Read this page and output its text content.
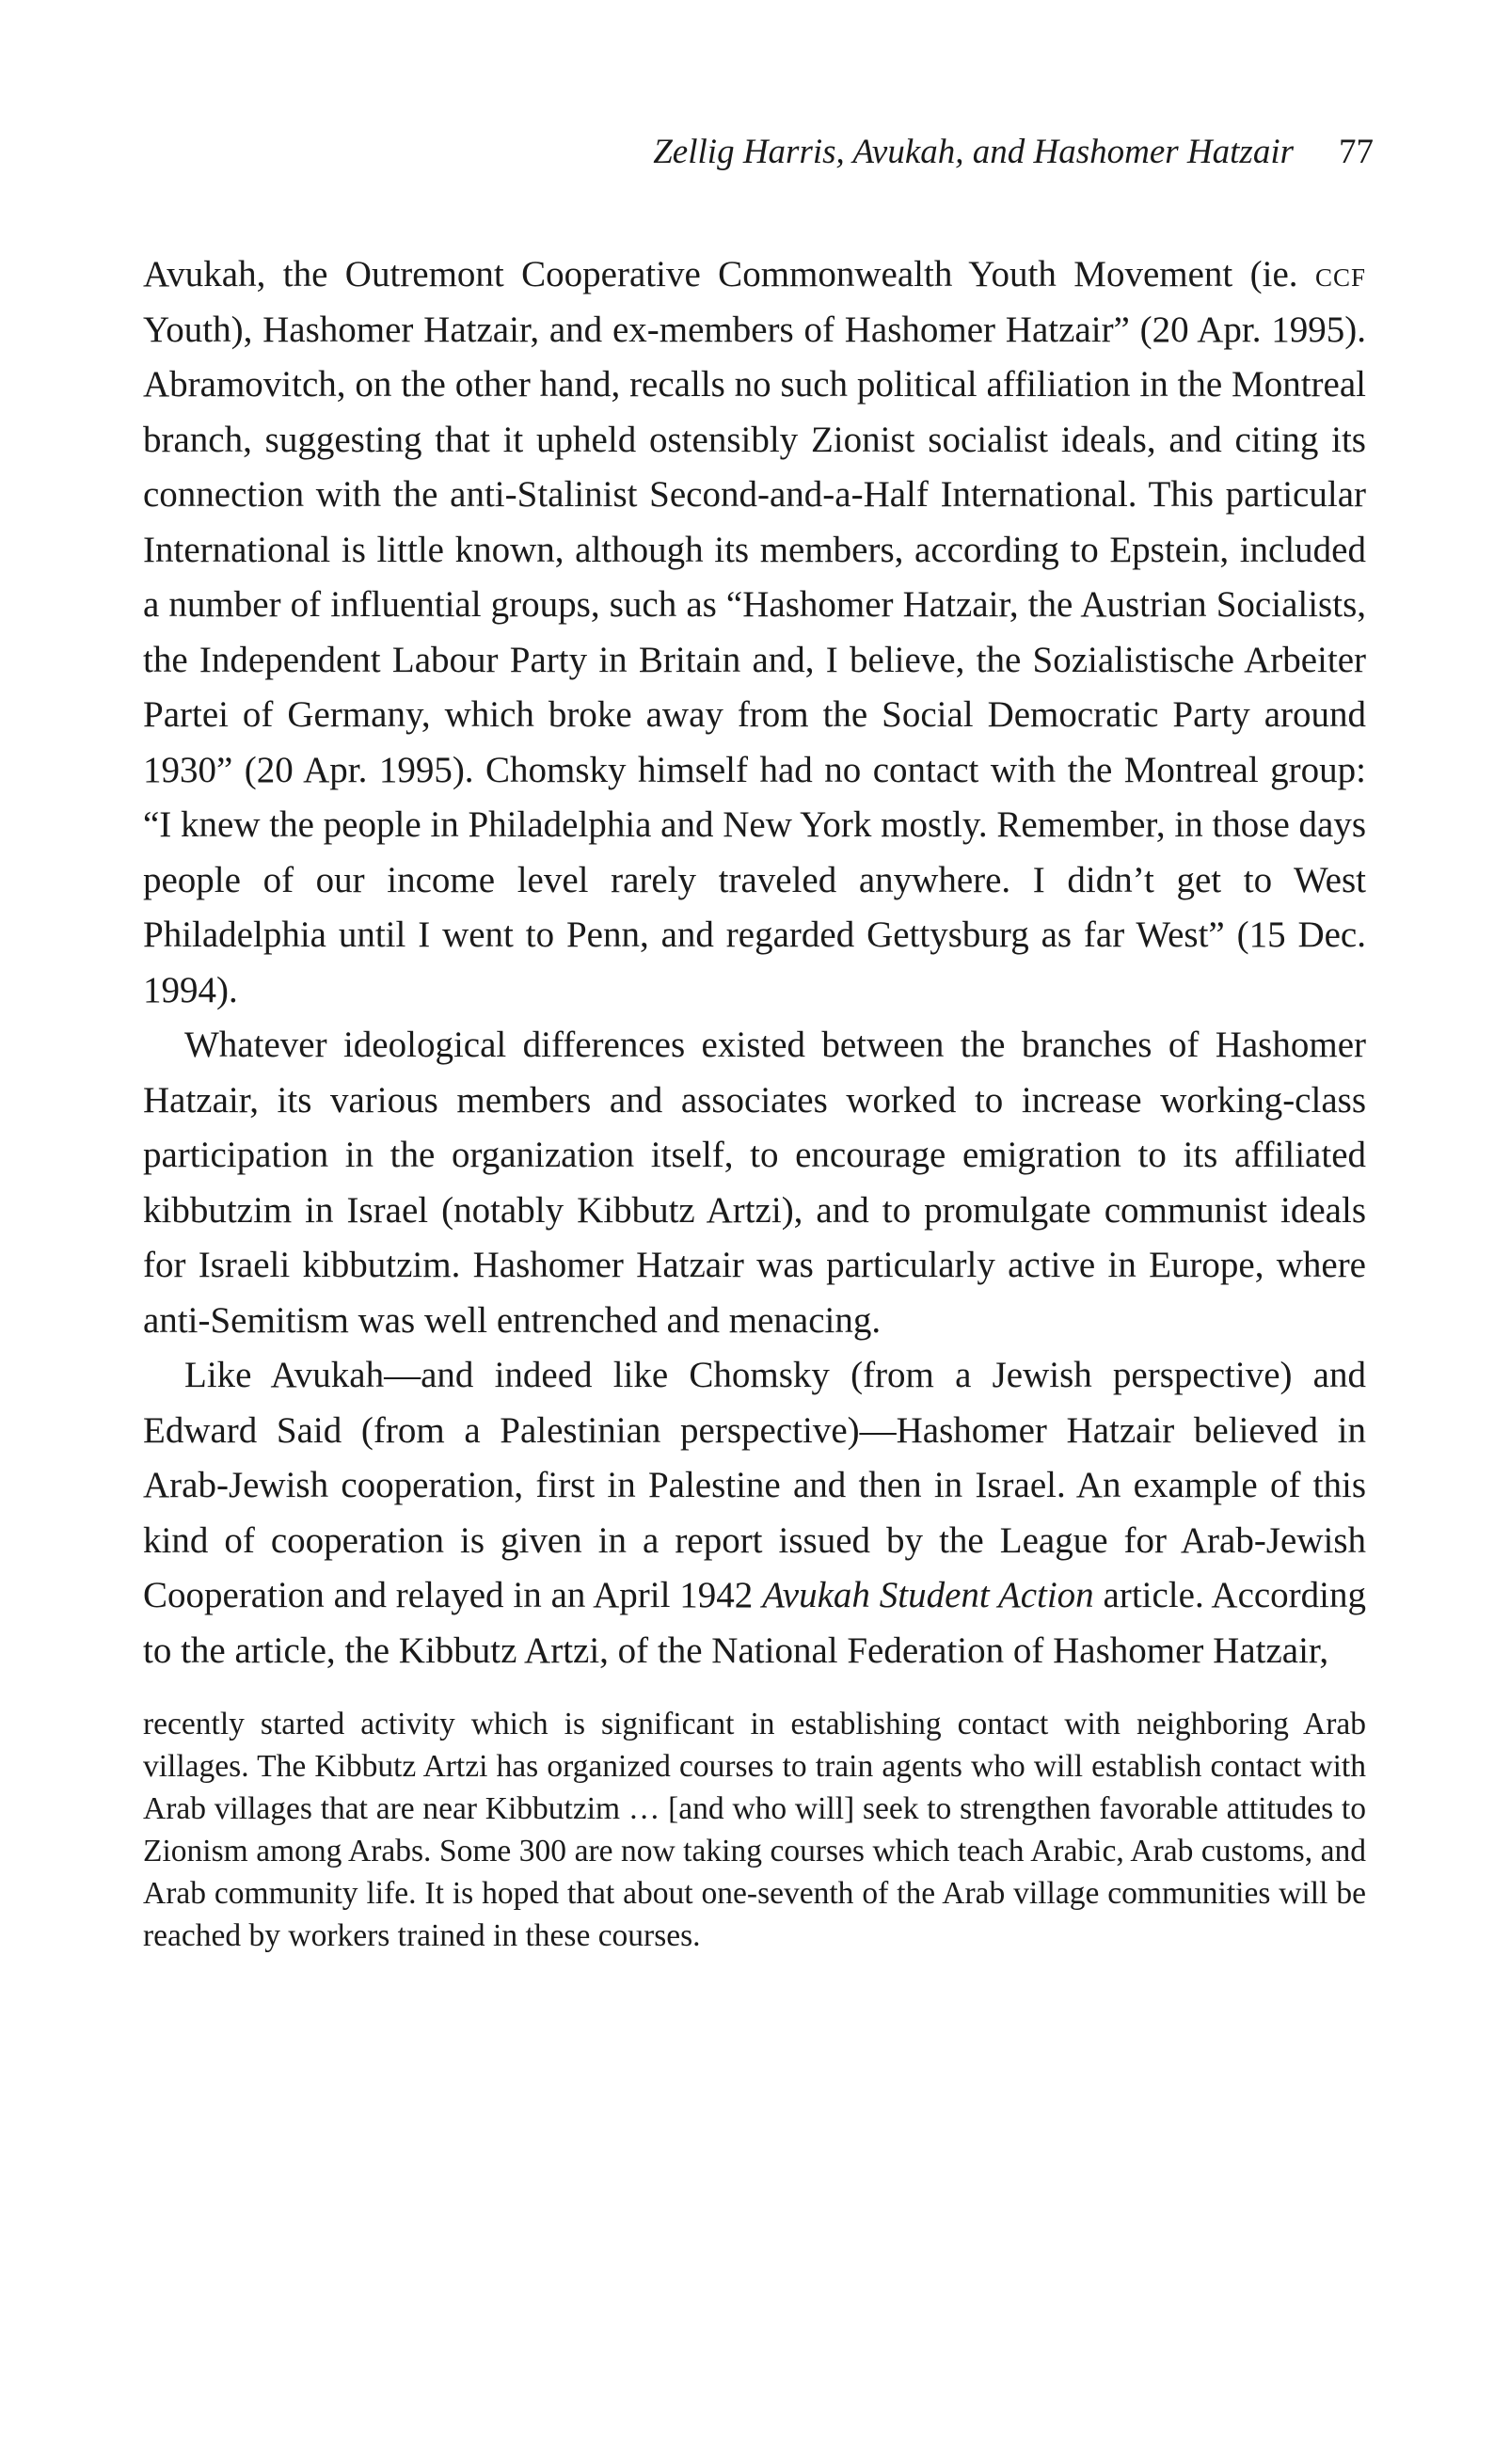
Zellig Harris, Avukah, and Hashomer Hatzair 77

Avukah, the Outremont Cooperative Commonwealth Youth Movement (ie. ccf Youth), Hashomer Hatzair, and ex-members of Hashomer Hatzair” (20 Apr. 1995). Abramovitch, on the other hand, recalls no such political affiliation in the Montreal branch, suggesting that it upheld ostensibly Zionist socialist ideals, and citing its connection with the anti-Stalinist Second-and-a-Half International. This particular International is little known, although its members, according to Epstein, included a number of influential groups, such as “Hashomer Hatzair, the Austrian Socialists, the Independent Labour Party in Britain and, I believe, the Sozialistische Arbeiter Partei of Germany, which broke away from the Social Democratic Party around 1930” (20 Apr. 1995). Chomsky himself had no contact with the Montreal group: “I knew the people in Philadelphia and New York mostly. Remember, in those days people of our income level rarely traveled anywhere. I didn’t get to West Philadelphia until I went to Penn, and regarded Gettysburg as far West” (15 Dec. 1994).

Whatever ideological differences existed between the branches of Hashomer Hatzair, its various members and associates worked to increase working-class participation in the organization itself, to encourage emigration to its affiliated kibbutzim in Israel (notably Kibbutz Artzi), and to promulgate communist ideals for Israeli kibbutzim. Hashomer Hatzair was particularly active in Europe, where anti-Semitism was well entrenched and menacing.

Like Avukah—and indeed like Chomsky (from a Jewish perspective) and Edward Said (from a Palestinian perspective)—Hashomer Hatzair believed in Arab-Jewish cooperation, first in Palestine and then in Israel. An example of this kind of cooperation is given in a report issued by the League for Arab-Jewish Cooperation and relayed in an April 1942 Avukah Student Action article. According to the article, the Kibbutz Artzi, of the National Federation of Hashomer Hatzair,

recently started activity which is significant in establishing contact with neighboring Arab villages. The Kibbutz Artzi has organized courses to train agents who will establish contact with Arab villages that are near Kibbutzim … [and who will] seek to strengthen favorable attitudes to Zionism among Arabs. Some 300 are now taking courses which teach Arabic, Arab customs, and Arab community life. It is hoped that about one-seventh of the Arab village communities will be reached by workers trained in these courses.
